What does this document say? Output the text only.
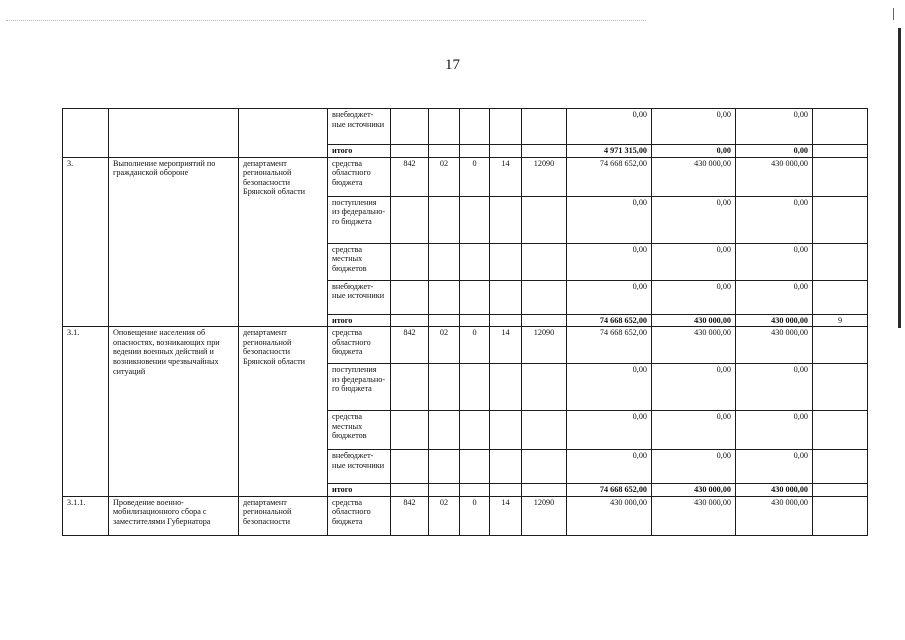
17
			внебюджет-ные источники						0,00	0,00	0,00	
			итого						4 971 315,00	0,00	0,00	
3.	Выполнение мероприятий по гражданской обороне	департамент региональной безопасности Брянской области	средства областного бюджета	842	02	0	14	12090	74 668 652,00	430 000,00	430 000,00	
			поступления из федерально-го бюджета						0,00	0,00	0,00	
			средства местных бюджетов						0,00	0,00	0,00	
			внебюджет-ные источники						0,00	0,00	0,00	
			итого						74 668 652,00	430 000,00	430 000,00	9
3.1.	Оповещение населения об опасностях, возникающих при ведении военных действий и возникновении чрезвычайных ситуаций	департамент региональной безопасности Брянской области	средства областного бюджета	842	02	0	14	12090	74 668 652,00	430 000,00	430 000,00	
			поступления из федерально-го бюджета						0,00	0,00	0,00	
			средства местных бюджетов						0,00	0,00	0,00	
			внебюджет-ные источники						0,00	0,00	0,00	
			итого						74 668 652,00	430 000,00	430 000,00	
3.1.1.	Проведение военно-мобилизационного сбора с заместителями Губернатора	департамент региональной безопасности	средства областного бюджета	842	02	0	14	12090	430 000,00	430 000,00	430 000,00	
